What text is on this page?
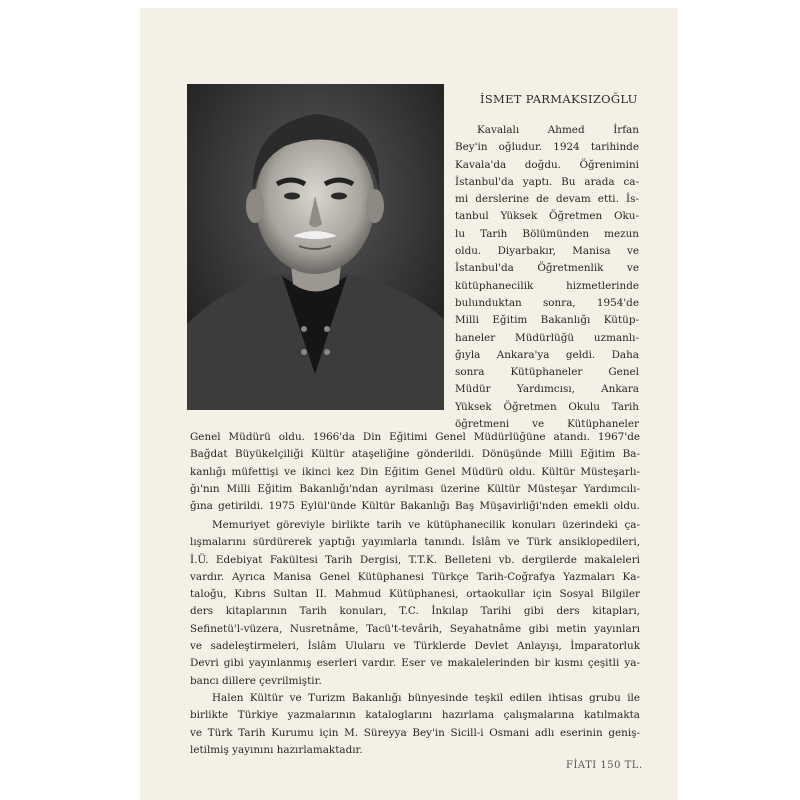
İSMET PARMAKSIZOĞLU
Kavalalı Ahmed İrfan
Bey'in oğludur. 1924 tarihinde
Kavala'da doğdu. Öğrenimini
İstanbul'da yaptı. Bu arada ca-
mi derslerine de devam etti. İs-
tanbul Yüksek Öğretmen Oku-
lu Tarih Bölümünden mezun
oldu. Diyarbakır, Manisa ve
İstanbul'da Öğretmenlik ve
kütüphanecilik hizmetlerinde
bulunduktan sonra, 1954'de
Milli Eğitim Bakanlığı Kütüp-
haneler Müdürlüğü uzmanlı-
ğıyla Ankara'ya geldi. Daha
sonra Kütüphaneler Genel
Müdür Yardımcısı, Ankara
Yüksek Öğretmen Okulu Tarih
öğretmeni ve Kütüphaneler
Genel Müdürü oldu. 1966'da Din Eğitimi Genel Müdürlüğüne atandı. 1967'de
Bağdat Büyükelçiliği Kültür ataşeliğine gönderildi. Dönüşünde Milli Eğitim Ba-
kanlığı müfettişi ve ikinci kez Din Eğitim Genel Müdürü oldu. Kültür Müsteşarlı-
ğı'nın Milli Eğitim Bakanlığı'ndan ayrılması üzerine Kültür Müsteşar Yardımcılı-
ğına getirildi. 1975 Eylül'ünde Kültür Bakanlığı Baş Müşavirliği'nden emekli oldu.
Memuriyet göreviyle birlikte tarih ve kütüphanecilik konuları üzerindeki ça-
lışmalarını sürdürerek yaptığı yayımlarla tanındı. İslâm ve Türk ansiklopedileri,
İ.Ü. Edebiyat Fakültesi Tarih Dergisi, T.T.K. Belleteni vb. dergilerde makaleleri
vardır. Ayrıca Manisa Genel Kütüphanesi Türkçe Tarih-Coğrafya Yazmaları Ka-
taloğu, Kıbrıs Sultan II. Mahmud Kütüphanesi, ortaokullar için Sosyal Bilgiler
ders kitaplarının Tarih konuları, T.C. İnkılap Tarihi gibi ders kitapları,
Sefinetü'l-vüzera, Nusretnâme, Tacü't-tevârih, Seyahatnâme gibi metin yayınları
ve sadeleştirmeleri, İslâm Ulularıı ve Türklerde Devlet Anlayışı, İmparatorluk
Devri gibi yayınlanmış eserleri vardır. Eser ve makalelerinden bir kısmı çeşitli ya-
bancı dillere çevrilmiştir.
Halen Kültür ve Turizm Bakanlığı bünyesinde teşkil edilen ihtisas grubu ile
birlikte Türkiye yazmalarının kataloglarını hazırlama çalışmalarına katılmakta
ve Türk Tarih Kurumu için M. Süreyya Bey'in Sicill-i Osmani adlı eserinin geniş-
letilmiş yayınını hazırlamaktadır.
FİATI 150 TL.
